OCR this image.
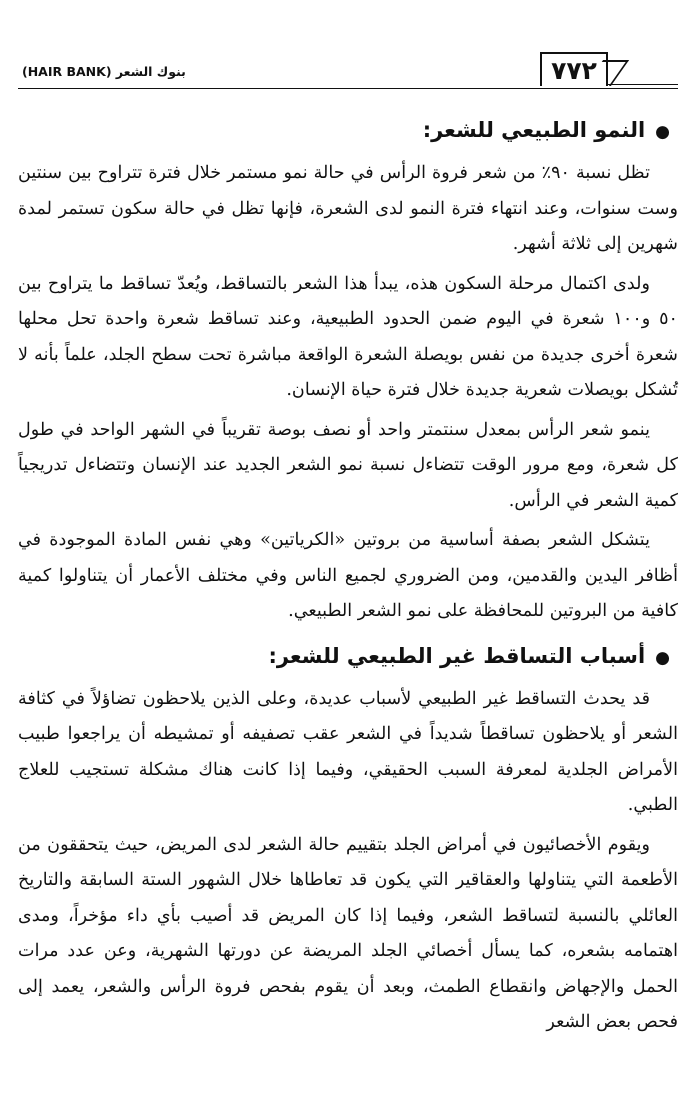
بنوك الشعر (HAIR BANK)	٧٧٢
●النمو الطبيعي للشعر:

تظل نسبة ٩٠٪ من شعر فروة الرأس في حالة نمو مستمر خلال فترة تتراوح بين سنتين وست سنوات، وعند انتهاء فترة النمو لدى الشعرة، فإنها تظل في حالة سكون تستمر لمدة شهرين إلى ثلاثة أشهر.

ولدى اكتمال مرحلة السكون هذه، يبدأ هذا الشعر بالتساقط، ويُعدّ تساقط ما يتراوح بين ٥٠ و١٠٠ شعرة في اليوم ضمن الحدود الطبيعية، وعند تساقط شعرة واحدة تحل محلها شعرة أخرى جديدة من نفس بويصلة الشعرة الواقعة مباشرة تحت سطح الجلد، علماً بأنه لا تُشكل بويصلات شعرية جديدة خلال فترة حياة الإنسان.

ينمو شعر الرأس بمعدل سنتمتر واحد أو نصف بوصة تقريباً في الشهر الواحد في طول كل شعرة، ومع مرور الوقت تتضاءل نسبة نمو الشعر الجديد عند الإنسان وتتضاءل تدريجياً كمية الشعر في الرأس.

يتشكل الشعر بصفة أساسية من بروتين «الكرياتين» وهي نفس المادة الموجودة في أظافر اليدين والقدمين، ومن الضروري لجميع الناس وفي مختلف الأعمار أن يتناولوا كمية كافية من البروتين للمحافظة على نمو الشعر الطبيعي.

●أسباب التساقط غير الطبيعي للشعر:

قد يحدث التساقط غير الطبيعي لأسباب عديدة، وعلى الذين يلاحظون تضاؤلاً في كثافة الشعر أو يلاحظون تساقطاً شديداً في الشعر عقب تصفيفه أو تمشيطه أن يراجعوا طبيب الأمراض الجلدية لمعرفة السبب الحقيقي، وفيما إذا كانت هناك مشكلة تستجيب للعلاج الطبي.

ويقوم الأخصائيون في أمراض الجلد بتقييم حالة الشعر لدى المريض، حيث يتحققون من الأطعمة التي يتناولها والعقاقير التي يكون قد تعاطاها خلال الشهور الستة السابقة والتاريخ العائلي بالنسبة لتساقط الشعر، وفيما إذا كان المريض قد أصيب بأي داء مؤخراً، ومدى اهتمامه بشعره، كما يسأل أخصائي الجلد المريضة عن دورتها الشهرية، وعن عدد مرات الحمل والإجهاض وانقطاع الطمث، وبعد أن يقوم بفحص فروة الرأس والشعر، يعمد إلى فحص بعض الشعر
